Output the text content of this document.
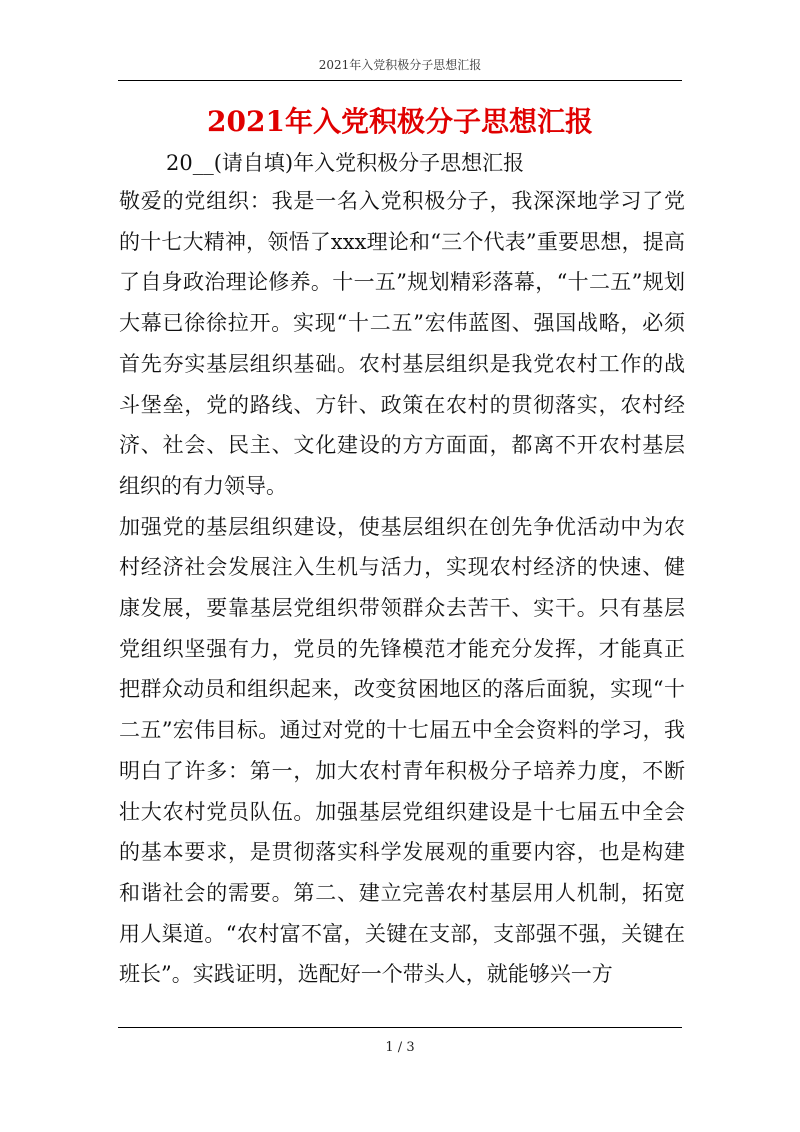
2021年入党积极分子思想汇报
2021年入党积极分子思想汇报
20__(请自填)年入党积极分子思想汇报

敬爱的党组织：我是一名入党积极分子，我深深地学习了党的十七大精神，领悟了xxx理论和“三个代表”重要思想，提高了自身政治理论修养。十一五”规划精彩落幕，“十二五”规划大幕已徐徐拉开。实现“十二五”宏伟蓝图、强国战略，必须首先夯实基层组织基础。农村基层组织是我党农村工作的战斗堡垒，党的路线、方针、政策在农村的贯彻落实，农村经济、社会、民主、文化建设的方方面面，都离不开农村基层组织的有力领导。

加强党的基层组织建设，使基层组织在创先争优活动中为农村经济社会发展注入生机与活力，实现农村经济的快速、健康发展，要靠基层党组织带领群众去苦干、实干。只有基层党组织坚强有力，党员的先锋模范才能充分发挥，才能真正把群众动员和组织起来，改变贫困地区的落后面貌，实现“十二五”宏伟目标。通过对党的十七届五中全会资料的学习，我明白了许多：第一，加大农村青年积极分子培养力度，不断壮大农村党员队伍。加强基层党组织建设是十七届五中全会的基本要求，是贯彻落实科学发展观的重要内容，也是构建和谐社会的需要。第二、建立完善农村基层用人机制，拓宽用人渠道。“农村富不富，关键在支部，支部强不强，关键在班长”。实践证明，选配好一个带头人，就能够兴一方

1 / 3
